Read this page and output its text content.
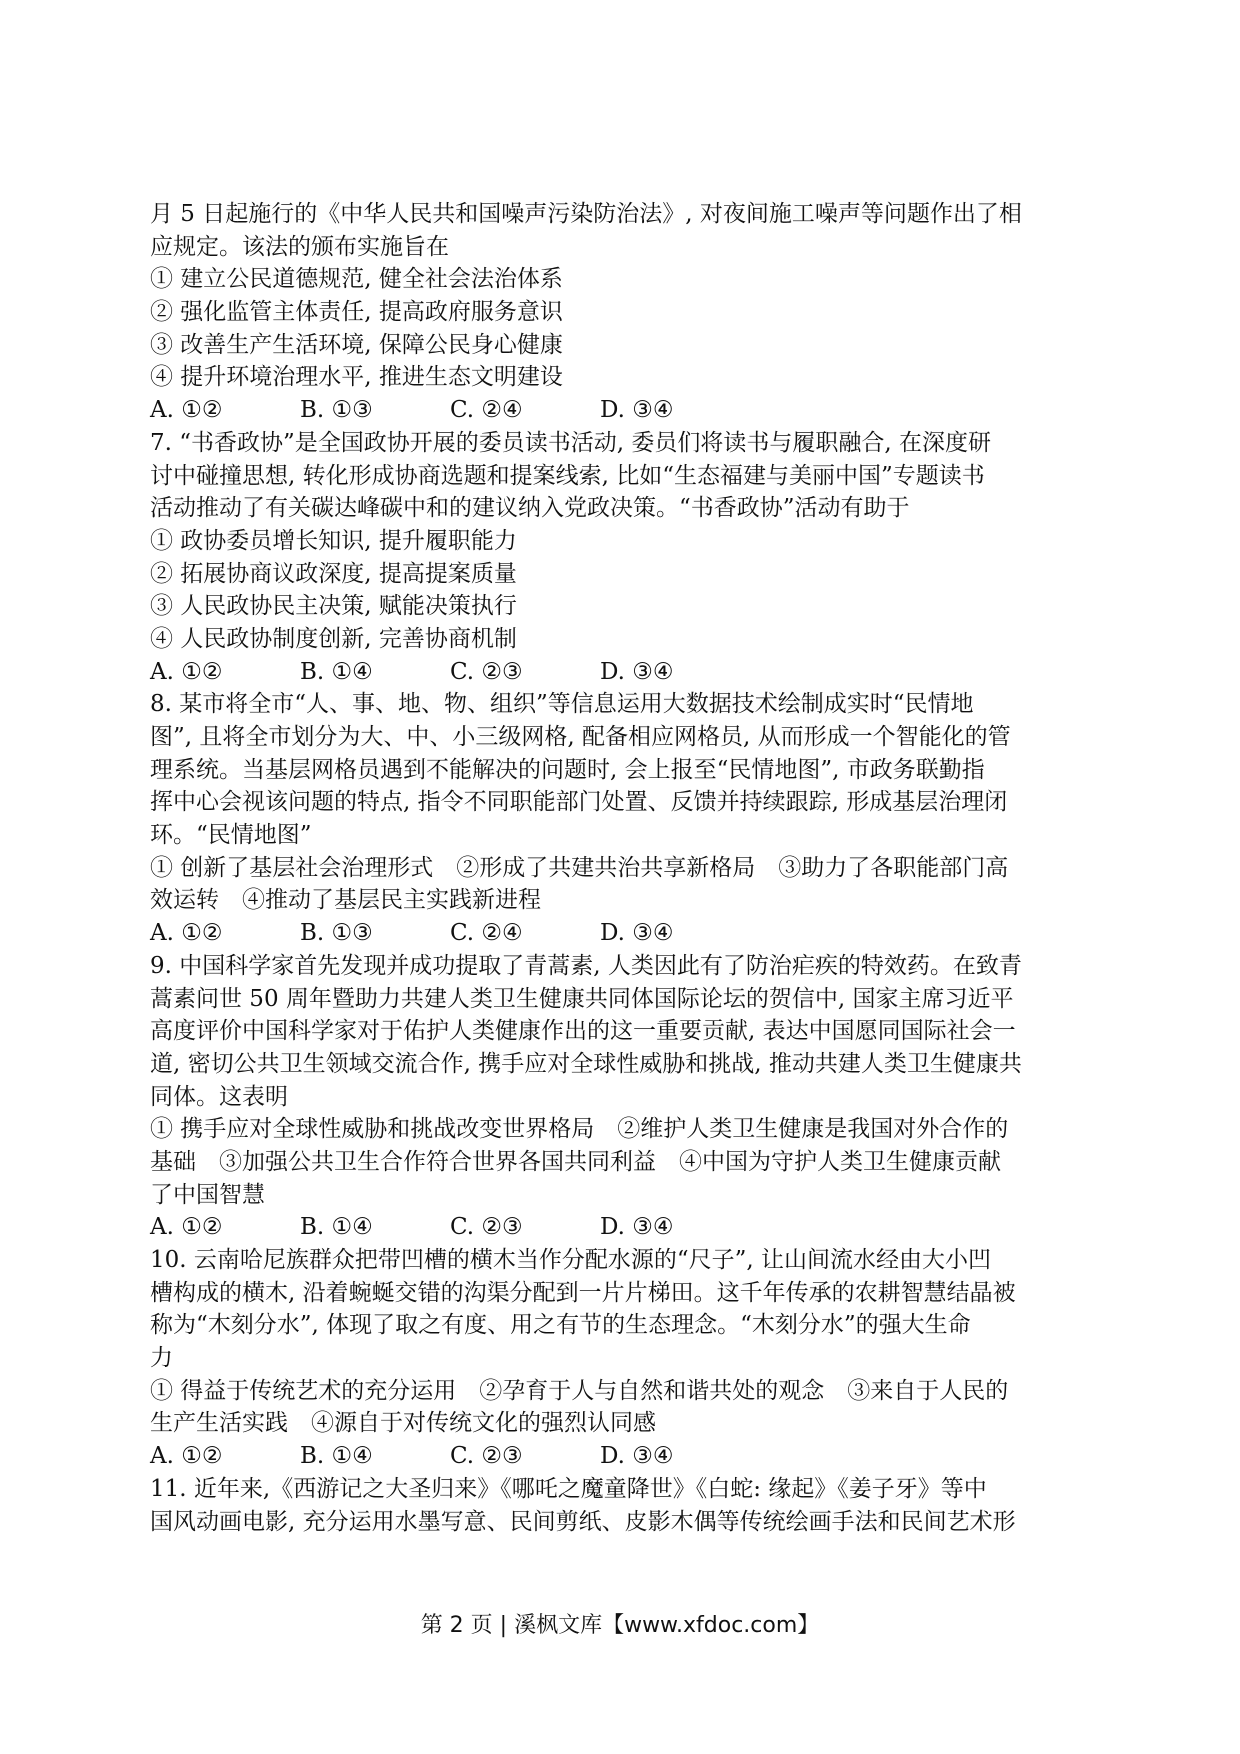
月 5 日起施行的《中华人民共和国噪声污染防治法》, 对夜间施工噪声等问题作出了相
应规定。该法的颁布实施旨在
① 建立公民道德规范, 健全社会法治体系
② 强化监管主体责任, 提高政府服务意识
③ 改善生产生活环境, 保障公民身心健康
④ 提升环境治理水平, 推进生态文明建设
A. ①②	B. ①③	C. ②④	D. ③④
7. “书香政协”是全国政协开展的委员读书活动, 委员们将读书与履职融合, 在深度研
讨中碰撞思想, 转化形成协商选题和提案线索, 比如“生态福建与美丽中国”专题读书
活动推动了有关碳达峰碳中和的建议纳入党政决策。“书香政协”活动有助于
① 政协委员增长知识, 提升履职能力
② 拓展协商议政深度, 提高提案质量
③ 人民政协民主决策, 赋能决策执行
④ 人民政协制度创新, 完善协商机制
A. ①②	B. ①④	C. ②③	D. ③④
8. 某市将全市“人、事、地、物、组织”等信息运用大数据技术绘制成实时“民情地
图”, 且将全市划分为大、中、小三级网格, 配备相应网格员, 从而形成一个智能化的管
理系统。当基层网格员遇到不能解决的问题时, 会上报至“民情地图”, 市政务联勤指
挥中心会视该问题的特点, 指令不同职能部门处置、反馈并持续跟踪, 形成基层治理闭
环。“民情地图”
① 创新了基层社会治理形式　②形成了共建共治共享新格局　③助力了各职能部门高
效运转　④推动了基层民主实践新进程
A. ①②	B. ①③	C. ②④	D. ③④
9. 中国科学家首先发现并成功提取了青蒿素, 人类因此有了防治疟疾的特效药。在致青
蒿素问世 50 周年暨助力共建人类卫生健康共同体国际论坛的贺信中, 国家主席习近平
高度评价中国科学家对于佑护人类健康作出的这一重要贡献, 表达中国愿同国际社会一
道, 密切公共卫生领域交流合作, 携手应对全球性威胁和挑战, 推动共建人类卫生健康共
同体。这表明
① 携手应对全球性威胁和挑战改变世界格局　②维护人类卫生健康是我国对外合作的
基础　③加强公共卫生合作符合世界各国共同利益　④中国为守护人类卫生健康贡献
了中国智慧
A. ①②	B. ①④	C. ②③	D. ③④
10. 云南哈尼族群众把带凹槽的横木当作分配水源的“尺子”, 让山间流水经由大小凹
槽构成的横木, 沿着蜿蜒交错的沟渠分配到一片片梯田。这千年传承的农耕智慧结晶被
称为“木刻分水”, 体现了取之有度、用之有节的生态理念。“木刻分水”的强大生命
力
① 得益于传统艺术的充分运用　②孕育于人与自然和谐共处的观念　③来自于人民的
生产生活实践　④源自于对传统文化的强烈认同感
A. ①②	B. ①④	C. ②③	D. ③④
11. 近年来,《西游记之大圣归来》《哪吒之魔童降世》《白蛇: 缘起》《姜子牙》等中
国风动画电影, 充分运用水墨写意、民间剪纸、皮影木偶等传统绘画手法和民间艺术形
第 2 页 | 溪枫文库【www.xfdoc.com】
